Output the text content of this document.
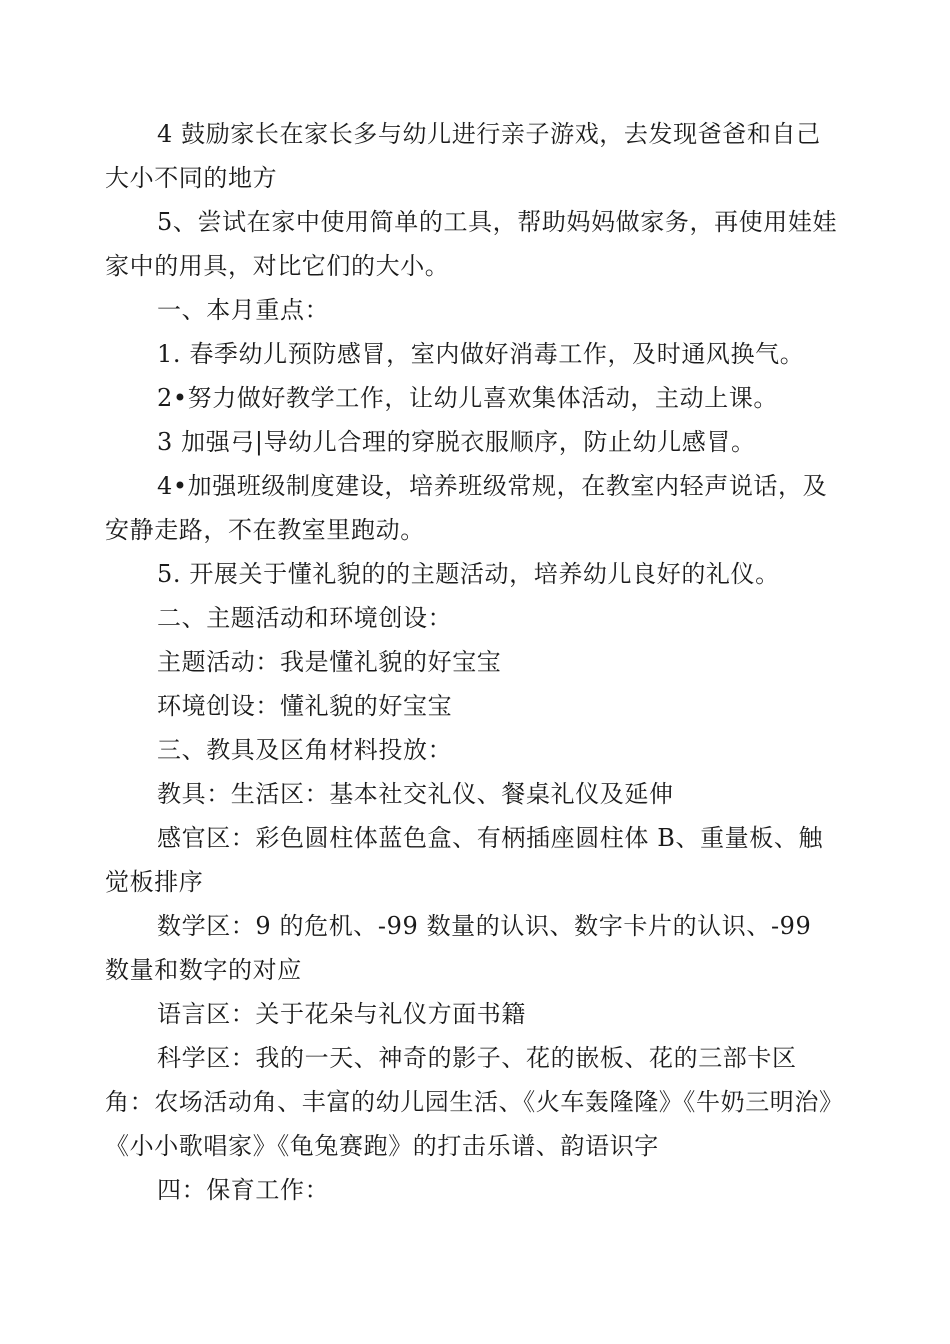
4 鼓励家长在家长多与幼儿进行亲子游戏，去发现爸爸和自己大小不同的地方

5、尝试在家中使用简单的工具，帮助妈妈做家务，再使用娃娃家中的用具，对比它们的大小。

一、本月重点：

1. 春季幼儿预防感冒，室内做好消毒工作，及时通风换气。

2•努力做好教学工作，让幼儿喜欢集体活动，主动上课。

3 加强弓|导幼儿合理的穿脱衣服顺序，防止幼儿感冒。

4•加强班级制度建设，培养班级常规，在教室内轻声说话，及安静走路，不在教室里跑动。

5. 开展关于懂礼貌的的主题活动，培养幼儿良好的礼仪。

二、主题活动和环境创设：

主题活动：我是懂礼貌的好宝宝

环境创设：懂礼貌的好宝宝

三、教具及区角材料投放：

教具：生活区：基本社交礼仪、餐桌礼仪及延伸

感官区：彩色圆柱体蓝色盒、有柄插座圆柱体 B、重量板、触觉板排序

数学区：9 的危机、-99 数量的认识、数字卡片的认识、-99 数量和数字的对应

语言区：关于花朵与礼仪方面书籍

科学区：我的一天、神奇的影子、花的嵌板、花的三部卡区角：农场活动角、丰富的幼儿园生活、《火车轰隆隆》《牛奶三明治》《小小歌唱家》《龟兔赛跑》的打击乐谱、韵语识字

四：保育工作：
